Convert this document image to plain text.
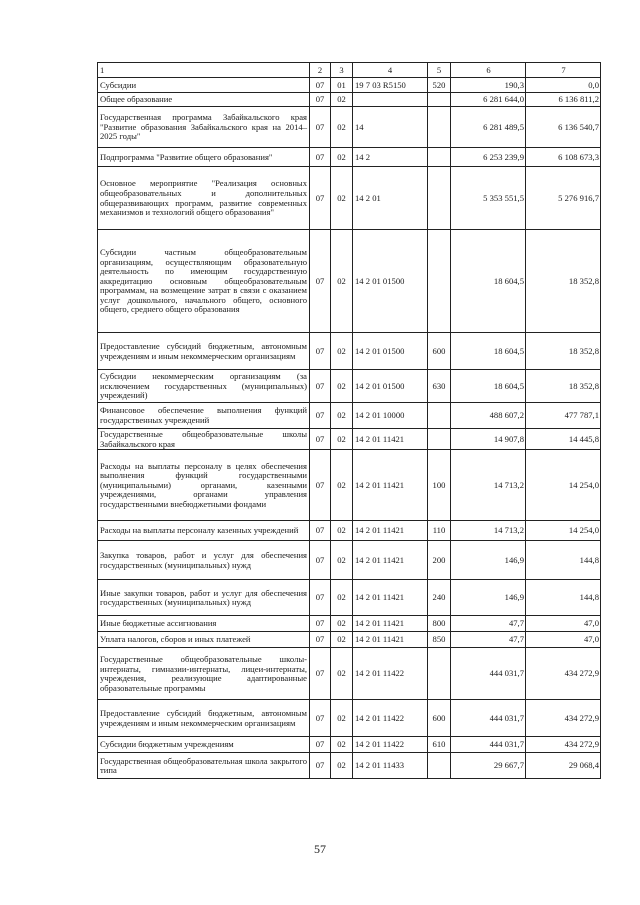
1	2	3	4	5	6	7
Субсидии	07	01	19 7 03 R5150	520	190,3	0,0
Общее образование	07	02			6 281 644,0	6 136 811,2
Государственная программа Забайкальского края "Развитие образования Забайкальского края на 2014–2025 годы"	07	02	14		6 281 489,5	6 136 540,7
Подпрограмма "Развитие общего образования"	07	02	14 2		6 253 239,9	6 108 673,3
Основное мероприятие "Реализация основных общеобразовательных и дополнительных общеразвивающих программ, развитие современных механизмов и технологий общего образования"	07	02	14 2 01		5 353 551,5	5 276 916,7
Субсидии частным общеобразовательным организациям, осуществляющим образовательную деятельность по имеющим государственную аккредитацию основным общеобразовательным программам, на возмещение затрат в связи с оказанием услуг дошкольного, начального общего, основного общего, среднего общего образования	07	02	14 2 01 01500		18 604,5	18 352,8
Предоставление субсидий бюджетным, автономным учреждениям и иным некоммерческим организациям	07	02	14 2 01 01500	600	18 604,5	18 352,8
Субсидии некоммерческим организациям (за исключением государственных (муниципальных) учреждений)	07	02	14 2 01 01500	630	18 604,5	18 352,8
Финансовое обеспечение выполнения функций государственных учреждений	07	02	14 2 01 10000		488 607,2	477 787,1
Государственные общеобразовательные школы Забайкальского края	07	02	14 2 01 11421		14 907,8	14 445,8
Расходы на выплаты персоналу в целях обеспечения выполнения функций государственными (муниципальными) органами, казенными учреждениями, органами управления государственными внебюджетными фондами	07	02	14 2 01 11421	100	14 713,2	14 254,0
Расходы на выплаты персоналу казенных учреждений	07	02	14 2 01 11421	110	14 713,2	14 254,0
Закупка товаров, работ и услуг для обеспечения государственных (муниципальных) нужд	07	02	14 2 01 11421	200	146,9	144,8
Иные закупки товаров, работ и услуг для обеспечения государственных (муниципальных) нужд	07	02	14 2 01 11421	240	146,9	144,8
Иные бюджетные ассигнования	07	02	14 2 01 11421	800	47,7	47,0
Уплата налогов, сборов и иных платежей	07	02	14 2 01 11421	850	47,7	47,0
Государственные общеобразовательные школы-интернаты, гимназии-интернаты, лицеи-интернаты, учреждения, реализующие адаптированные образовательные программы	07	02	14 2 01 11422		444 031,7	434 272,9
Предоставление субсидий бюджетным, автономным учреждениям и иным некоммерческим организациям	07	02	14 2 01 11422	600	444 031,7	434 272,9
Субсидии бюджетным учреждениям	07	02	14 2 01 11422	610	444 031,7	434 272,9
Государственная общеобразовательная школа закрытого типа	07	02	14 2 01 11433		29 667,7	29 068,4
57
